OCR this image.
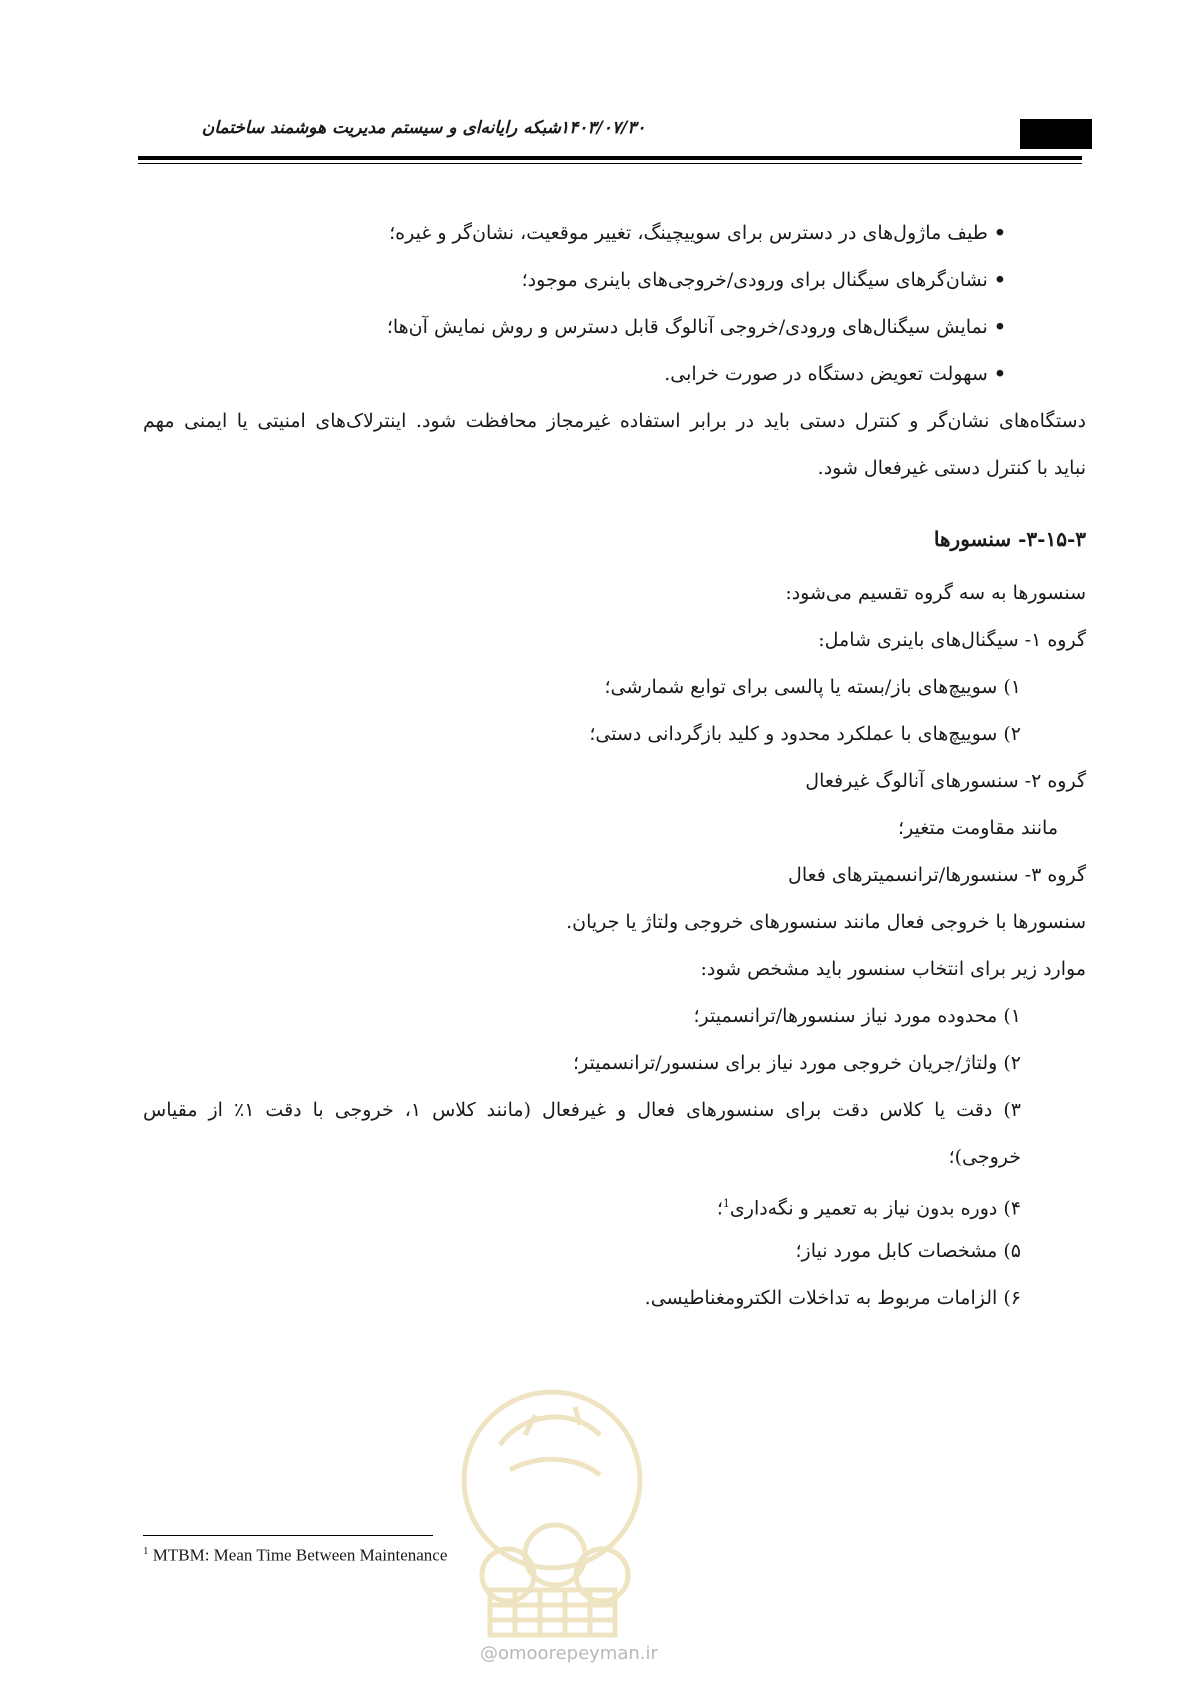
شبکه رایانه‌ای و سیستم مدیریت هوشمند ساختمان ۱۴۰۳/۰۷/۳۰
•طیف ماژول‌های در دسترس برای سوییچینگ، تغییر موقعیت، نشان‌گر و غیره؛
•نشان‌گرهای سیگنال برای ورودی/خروجی‌های باینری موجود؛
•نمایش سیگنال‌های ورودی/خروجی آنالوگ قابل دسترس و روش نمایش آن‌ها؛
•سهولت تعویض دستگاه در صورت خرابی.
دستگاه‌های نشان‌گر و کنترل دستی باید در برابر استفاده غیرمجاز محافظت شود. اینترلاک‌های امنیتی یا ایمنی مهم
نباید با کنترل دستی غیرفعال شود.
۳-۱۵-۳- سنسورها
سنسورها به سه گروه تقسیم می‌شود:
گروه ۱- سیگنال‌های باینری شامل:
۱) سوییچ‌های باز/بسته یا پالسی برای توابع شمارشی؛
۲) سوییچ‌های با عملکرد محدود و کلید بازگردانی دستی؛
گروه ۲- سنسورهای آنالوگ غیرفعال
مانند مقاومت متغیر؛
گروه ۳- سنسورها/ترانسمیترهای فعال
سنسورها با خروجی فعال مانند سنسورهای خروجی ولتاژ یا جریان.
موارد زیر برای انتخاب سنسور باید مشخص شود:
۱) محدوده مورد نیاز سنسورها/ترانسمیتر؛
۲) ولتاژ/جریان خروجی مورد نیاز برای سنسور/ترانسمیتر؛
۳) دقت یا کلاس دقت برای سنسورهای فعال و غیرفعال (مانند کلاس ۱، خروجی با دقت ۱٪ از مقیاس
خروجی)؛
۴) دوره بدون نیاز به تعمیر و نگه‌داری$^1$؛
۵) مشخصات کابل مورد نیاز؛
۶) الزامات مربوط به تداخلات الکترومغناطیسی.
$^1$ MTBM: Mean Time Between Maintenance
@omoorepeyman.ir
